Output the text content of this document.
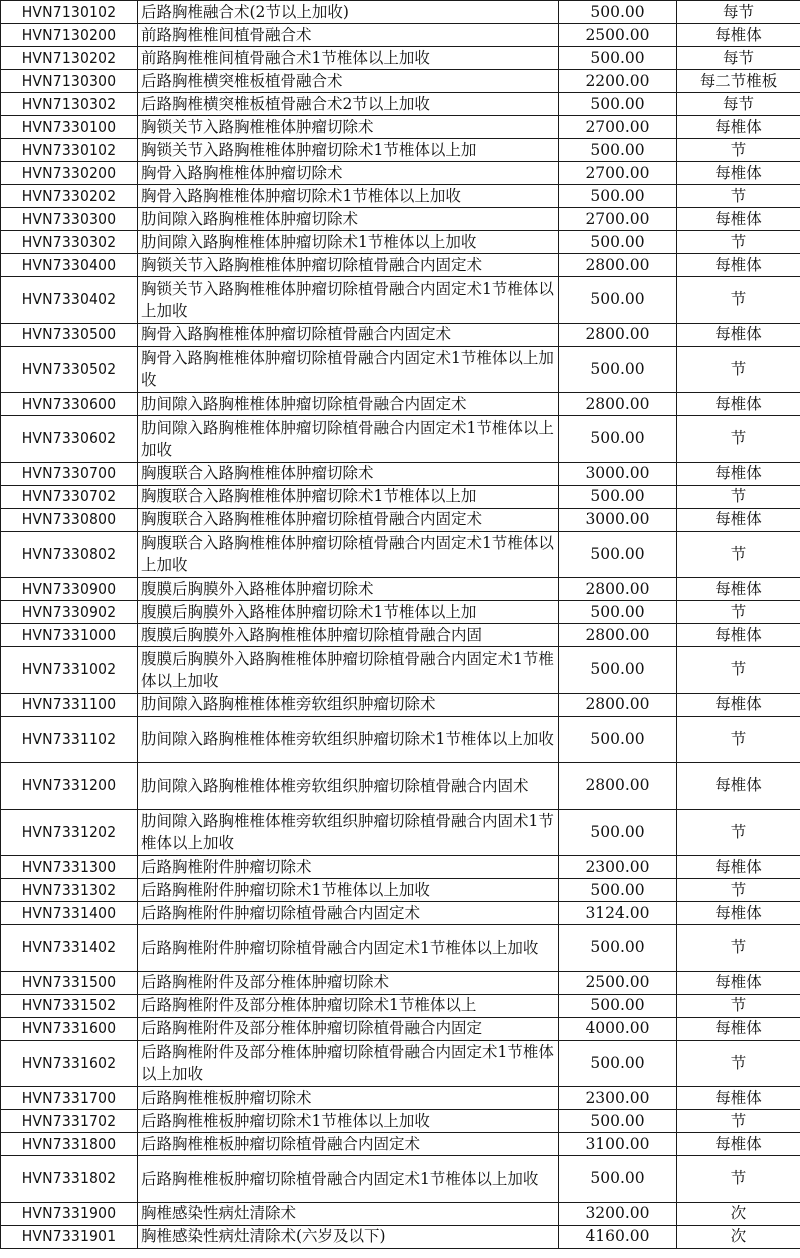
HVN7130102	后路胸椎融合术(2节以上加收)	500.00	每节
HVN7130200	前路胸椎椎间植骨融合术	2500.00	每椎体
HVN7130202	前路胸椎椎间植骨融合术1节椎体以上加收	500.00	每节
HVN7130300	后路胸椎横突椎板植骨融合术	2200.00	每二节椎板
HVN7130302	后路胸椎横突椎板植骨融合术2节以上加收	500.00	每节
HVN7330100	胸锁关节入路胸椎椎体肿瘤切除术	2700.00	每椎体
HVN7330102	胸锁关节入路胸椎椎体肿瘤切除术1节椎体以上加	500.00	节
HVN7330200	胸骨入路胸椎椎体肿瘤切除术	2700.00	每椎体
HVN7330202	胸骨入路胸椎椎体肿瘤切除术1节椎体以上加收	500.00	节
HVN7330300	肋间隙入路胸椎椎体肿瘤切除术	2700.00	每椎体
HVN7330302	肋间隙入路胸椎椎体肿瘤切除术1节椎体以上加收	500.00	节
HVN7330400	胸锁关节入路胸椎椎体肿瘤切除植骨融合内固定术	2800.00	每椎体
HVN7330402	胸锁关节入路胸椎椎体肿瘤切除植骨融合内固定术1节椎体以上加收	500.00	节
HVN7330500	胸骨入路胸椎椎体肿瘤切除植骨融合内固定术	2800.00	每椎体
HVN7330502	胸骨入路胸椎椎体肿瘤切除植骨融合内固定术1节椎体以上加收	500.00	节
HVN7330600	肋间隙入路胸椎椎体肿瘤切除植骨融合内固定术	2800.00	每椎体
HVN7330602	肋间隙入路胸椎椎体肿瘤切除植骨融合内固定术1节椎体以上加收	500.00	节
HVN7330700	胸腹联合入路胸椎椎体肿瘤切除术	3000.00	每椎体
HVN7330702	胸腹联合入路胸椎椎体肿瘤切除术1节椎体以上加	500.00	节
HVN7330800	胸腹联合入路胸椎椎体肿瘤切除植骨融合内固定术	3000.00	每椎体
HVN7330802	胸腹联合入路胸椎椎体肿瘤切除植骨融合内固定术1节椎体以上加收	500.00	节
HVN7330900	腹膜后胸膜外入路椎体肿瘤切除术	2800.00	每椎体
HVN7330902	腹膜后胸膜外入路椎体肿瘤切除术1节椎体以上加	500.00	节
HVN7331000	腹膜后胸膜外入路胸椎椎体肿瘤切除植骨融合内固	2800.00	每椎体
HVN7331002	腹膜后胸膜外入路胸椎椎体肿瘤切除植骨融合内固定术1节椎体以上加收	500.00	节
HVN7331100	肋间隙入路胸椎椎体椎旁软组织肿瘤切除术	2800.00	每椎体
HVN7331102	肋间隙入路胸椎椎体椎旁软组织肿瘤切除术1节椎体以上加收	500.00	节
HVN7331200	肋间隙入路胸椎椎体椎旁软组织肿瘤切除植骨融合内固术	2800.00	每椎体
HVN7331202	肋间隙入路胸椎椎体椎旁软组织肿瘤切除植骨融合内固术1节椎体以上加收	500.00	节
HVN7331300	后路胸椎附件肿瘤切除术	2300.00	每椎体
HVN7331302	后路胸椎附件肿瘤切除术1节椎体以上加收	500.00	节
HVN7331400	后路胸椎附件肿瘤切除植骨融合内固定术	3124.00	每椎体
HVN7331402	后路胸椎附件肿瘤切除植骨融合内固定术1节椎体以上加收	500.00	节
HVN7331500	后路胸椎附件及部分椎体肿瘤切除术	2500.00	每椎体
HVN7331502	后路胸椎附件及部分椎体肿瘤切除术1节椎体以上	500.00	节
HVN7331600	后路胸椎附件及部分椎体肿瘤切除植骨融合内固定	4000.00	每椎体
HVN7331602	后路胸椎附件及部分椎体肿瘤切除植骨融合内固定术1节椎体以上加收	500.00	节
HVN7331700	后路胸椎椎板肿瘤切除术	2300.00	每椎体
HVN7331702	后路胸椎椎板肿瘤切除术1节椎体以上加收	500.00	节
HVN7331800	后路胸椎椎板肿瘤切除植骨融合内固定术	3100.00	每椎体
HVN7331802	后路胸椎椎板肿瘤切除植骨融合内固定术1节椎体以上加收	500.00	节
HVN7331900	胸椎感染性病灶清除术	3200.00	次
HVN7331901	胸椎感染性病灶清除术(六岁及以下)	4160.00	次
